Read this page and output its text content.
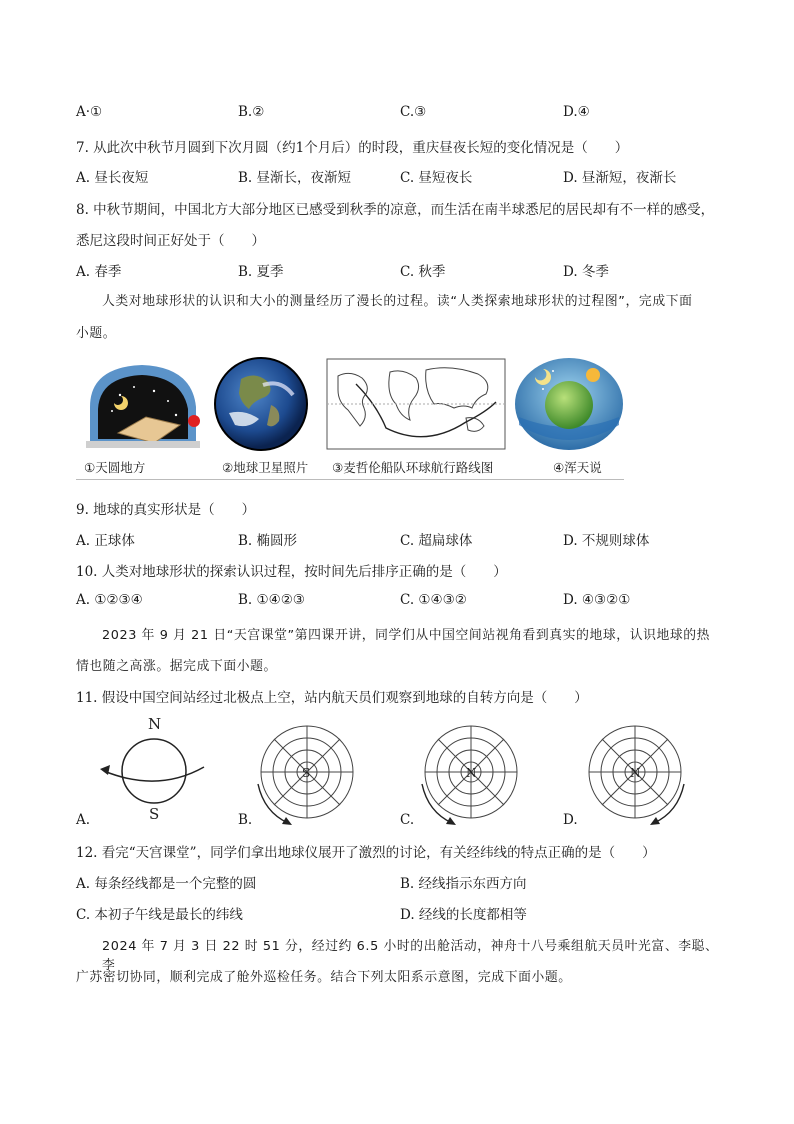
A·①	B.②	C.③	D.④
7. 从此次中秋节月圆到下次月圆（约1个月后）的时段，重庆昼夜长短的变化情况是（　　）
A. 昼长夜短	B. 昼渐长，夜渐短	C. 昼短夜长	D. 昼渐短，夜渐长
8. 中秋节期间，中国北方大部分地区已感受到秋季的凉意，而生活在南半球悉尼的居民却有不一样的感受，
悉尼这段时间正好处于（　　）
A. 春季	B. 夏季	C. 秋季	D. 冬季
人类对地球形状的认识和大小的测量经历了漫长的过程。读“人类探索地球形状的过程图”，完成下面
小题。
①天圆地方	②地球卫星照片 ③麦哲伦船队环球航行路线图	④浑天说
9. 地球的真实形状是（　　）
A. 正球体	B. 椭圆形	C. 超扁球体	D. 不规则球体
10. 人类对地球形状的探索认识过程，按时间先后排序正确的是（　　）
A. ①②③④	B. ①④②③	C. ①④③②	D. ④③②①
2023 年 9 月 21 日“天宫课堂”第四课开讲，同学们从中国空间站视角看到真实的地球，认识地球的热
情也随之高涨。据完成下面小题。
11. 假设中国空间站经过北极点上空，站内航天员们观察到地球的自转方向是（　　）
N
S
S	N	N
A.	B.	C.	D.
12. 看完“天宫课堂”，同学们拿出地球仪展开了激烈的讨论，有关经纬线的特点正确的是（　　）
A. 每条经线都是一个完整的圆	B. 经线指示东西方向
C. 本初子午线是最长的纬线	D. 经线的长度都相等
2024 年 7 月 3 日 22 时 51 分，经过约 6.5 小时的出舱活动，神舟十八号乘组航天员叶光富、李聪、李
广苏密切协同，顺利完成了舱外巡检任务。结合下列太阳系示意图，完成下面小题。
